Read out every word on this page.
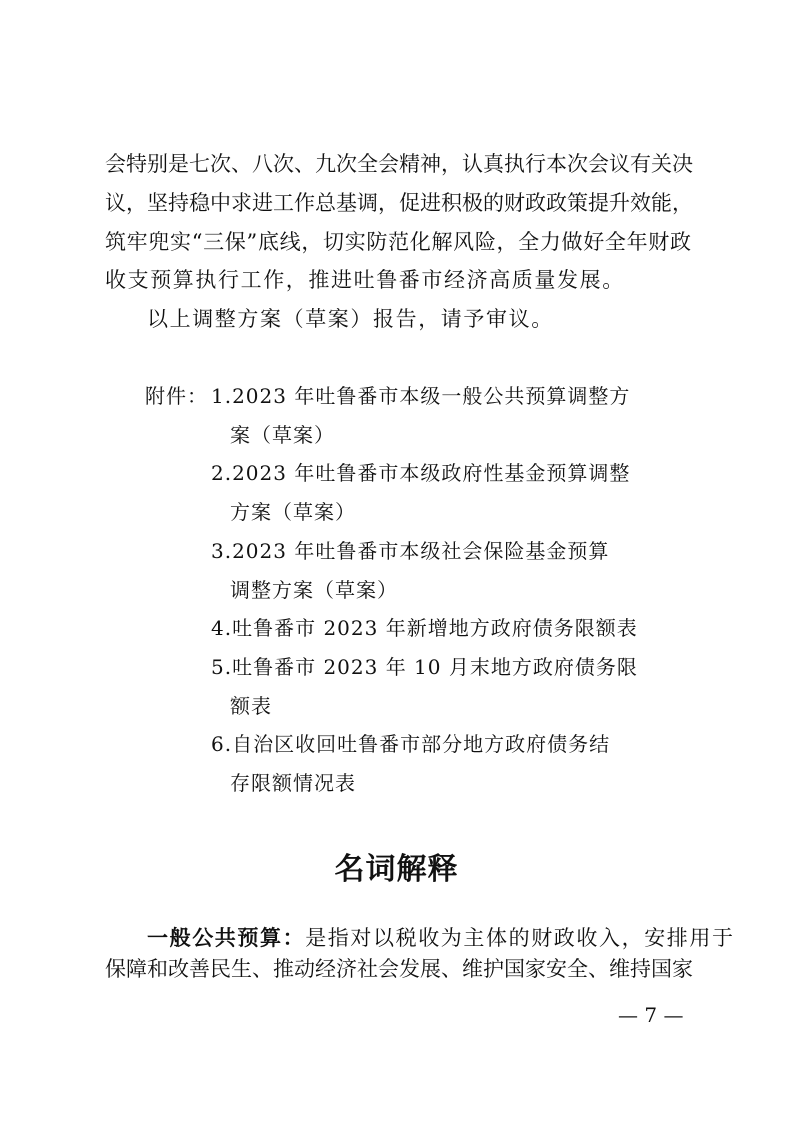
会特别是七次、八次、九次全会精神，认真执行本次会议有关决
议，坚持稳中求进工作总基调，促进积极的财政政策提升效能，
筑牢兜实“三保”底线，切实防范化解风险，全力做好全年财政
收支预算执行工作，推进吐鲁番市经济高质量发展。
以上调整方案（草案）报告，请予审议。
附件： 1.2023 年吐鲁番市本级一般公共预算调整方
案（草案）
2.2023 年吐鲁番市本级政府性基金预算调整
方案（草案）
3.2023 年吐鲁番市本级社会保险基金预算
调整方案（草案）
4.吐鲁番市 2023 年新增地方政府债务限额表
5.吐鲁番市 2023 年 10 月末地方政府债务限
额表
6.自治区收回吐鲁番市部分地方政府债务结
存限额情况表
名词解释
一般公共预算：是指对以税收为主体的财政收入，安排用于
保障和改善民生、推动经济社会发展、维护国家安全、维持国家
— 7 —
